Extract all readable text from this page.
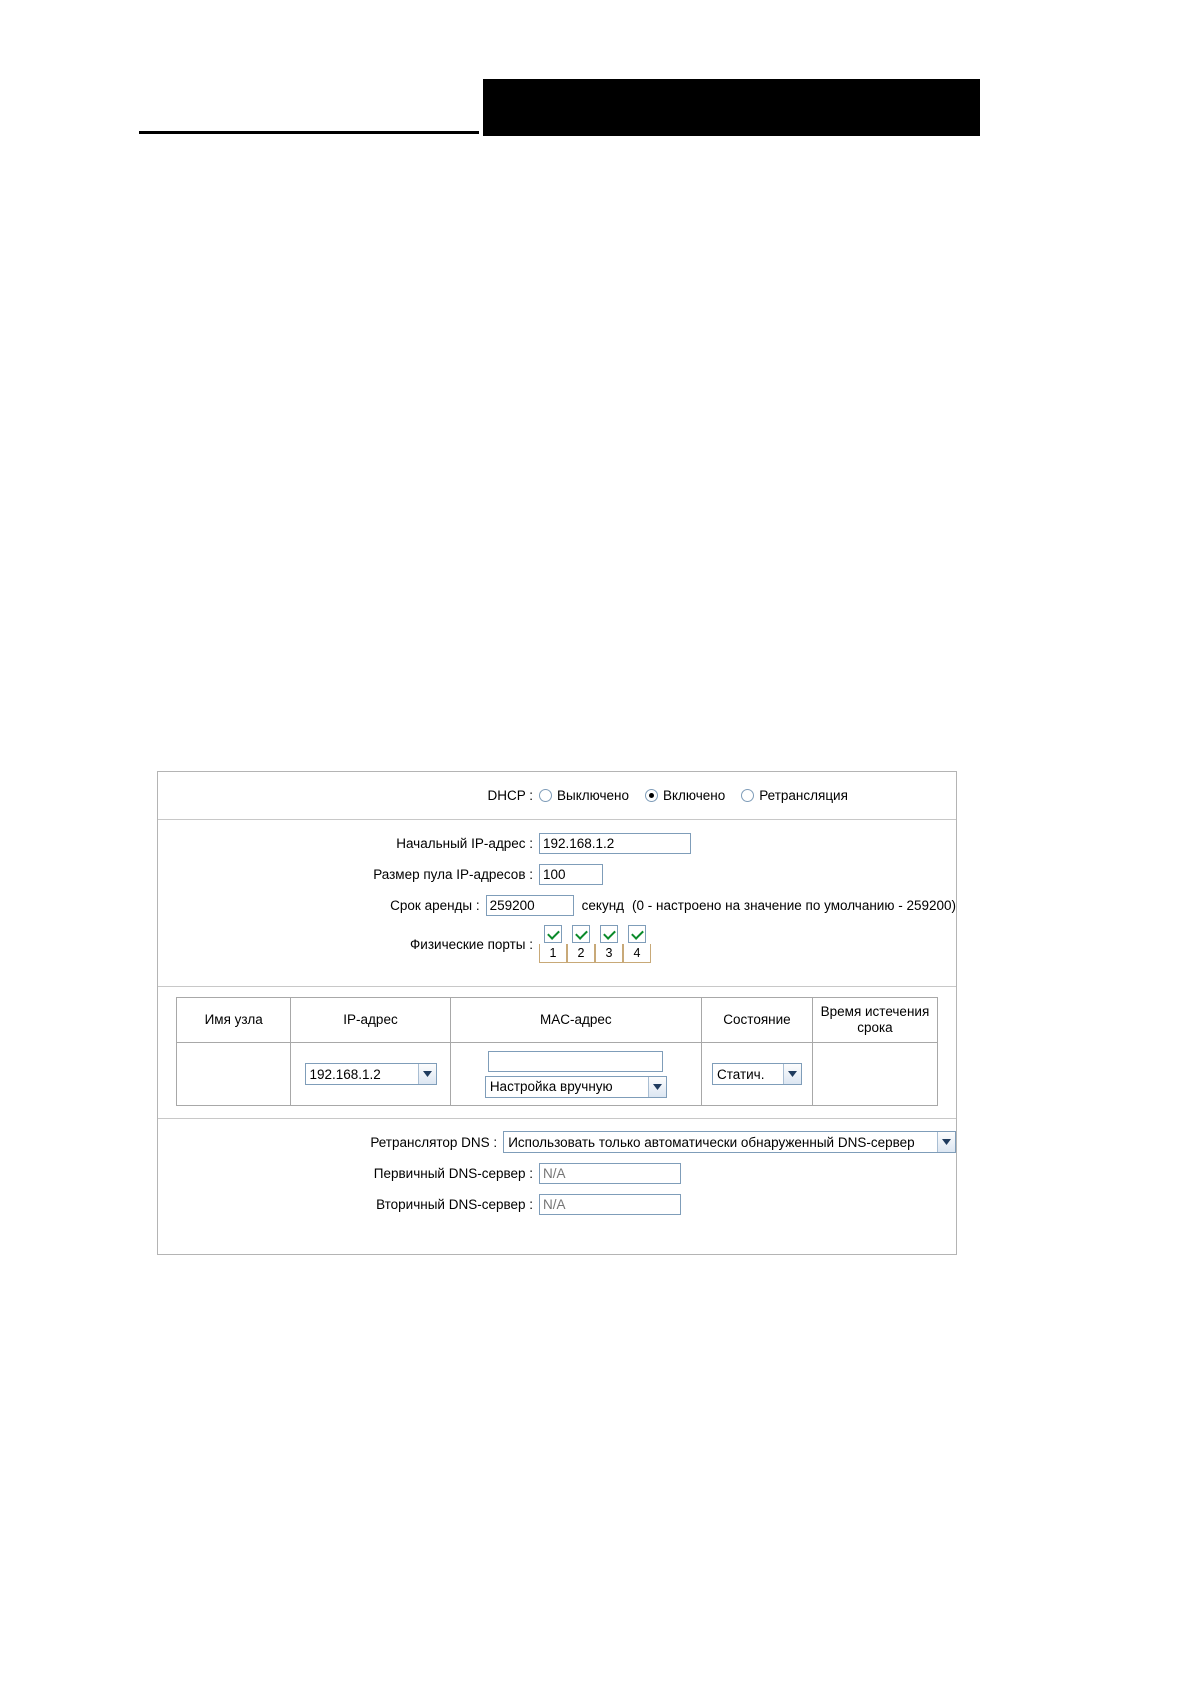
DHCP :	Выключено	Включено	Ретрансляция
Начальный IP-адрес :
192.168.1.2
Размер пула IP-адресов :
100
Срок аренды :
259200	секунд (0 - настроено на значение по умолчанию - 259200)
Физические порты :
1	2	3	4
Имя узла	IP-адрес	MAC-адрес	Состояние	Время истечения срока

	192.168.1.2	Настройка вручную	Статич.	

Ретранслятор DNS : Использовать только автоматически обнаруженный DNS-сервер
Первичный DNS-сервер :
N/A
Вторичный DNS-сервер :
N/A
